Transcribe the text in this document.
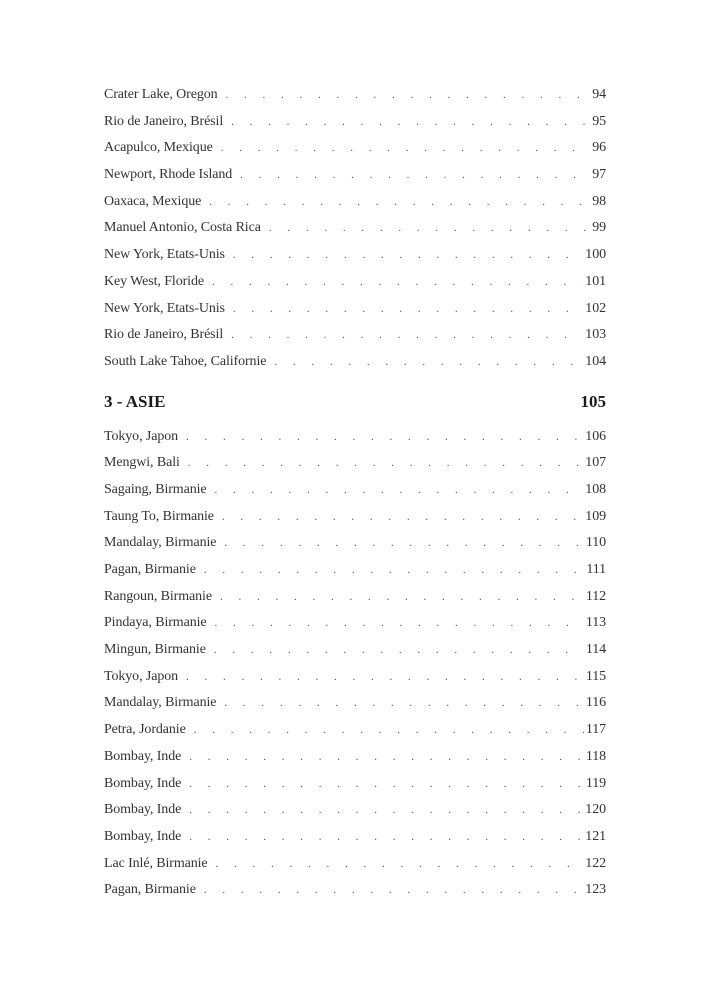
Crater Lake, Oregon . . .	94
Rio de Janeiro, Brésil . . .	95
Acapulco, Mexique . . .	96
Newport, Rhode Island . . .	97
Oaxaca, Mexique . . .	98
Manuel Antonio, Costa Rica . . .	99
New York, Etats-Unis . . .	100
Key West, Floride . . .	101
New York, Etats-Unis . . .	102
Rio de Janeiro, Brésil . . .	103
South Lake Tahoe, Californie . . .	104
3 - ASIE	105
Tokyo, Japon . . .	106
Mengwi, Bali . . .	107
Sagaing, Birmanie . . .	108
Taung To, Birmanie . . .	109
Mandalay, Birmanie . . .	110
Pagan, Birmanie . . .	111
Rangoun, Birmanie . . .	112
Pindaya, Birmanie . . .	113
Mingun, Birmanie . . .	114
Tokyo, Japon . . .	115
Mandalay, Birmanie . . .	116
Petra, Jordanie . . .	117
Bombay, Inde . . .	118
Bombay, Inde . . .	119
Bombay, Inde . . .	120
Bombay, Inde . . .	121
Lac Inlé, Birmanie . . .	122
Pagan, Birmanie . . .	123
